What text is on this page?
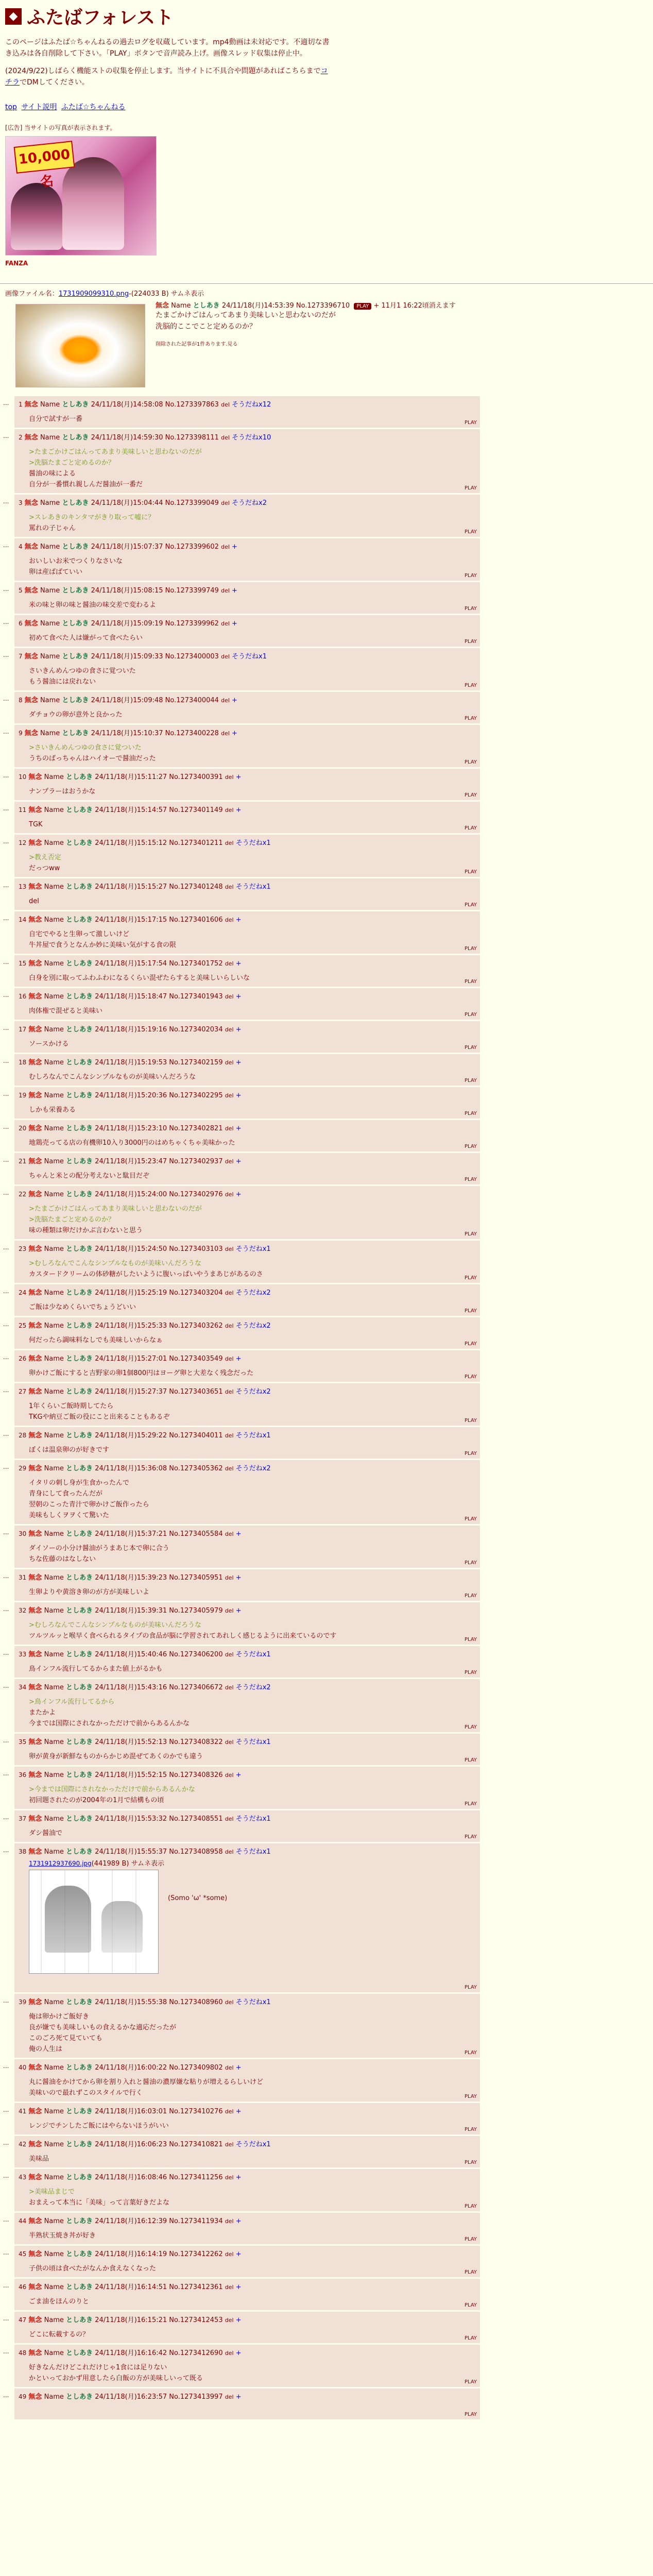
◆ ふたばフォレスト
このページはふたば☆ちゃんねるの過去ログを収蔵しています。mp4動画は未対応です。不適切な書き込みは各自削除して下さい。「PLAY」ボタンで音声読み上げ。画像スレッド収集は停止中。
(2024/9/22)しばらく機能ストの収集を停止します。当サイトに不具合や問題があればこちらまでコチラでDMしてください。
top サイト説明 ふたば☆ちゃんねる
[広告] 当サイトの写真が表示されます。
10,000名
FANZA
画像ファイル名：1731909099310.png-(224033 B) サムネ表示
無念 Name としあき 24/11/18(月)14:53:39 No.1273396710 PLAY + 11月1 16:22頃消えます
たまごかけごはんってあまり美味しいと思わないのだが
洗脳的ここでこと定めるのか？
削除された記事が1件あります.見る
...	1 無念 Name としあき 24/11/18(月)14:58:08 No.1273397863 del そうだねx12
自分で試すが一番	PLAY
...	2 無念 Name としあき 24/11/18(月)14:59:30 No.1273398111 del そうだねx10
>たまごかけごはんってあまり美味しいと思わないのだが
>洗脳たまごと定めるのか？
醤油の味による
自分が一番慣れ親しんだ醤油が一番だ	PLAY
...	3 無念 Name としあき 24/11/18(月)15:04:44 No.1273399049 del そうだねx2
>スレあきのキンタマがきり取って嘘に？
罵れの子じゃん	PLAY
...	4 無念 Name としあき 24/11/18(月)15:07:37 No.1273399602 del +
おいしいお米でつくりなさいな
卵は産ばばていい	PLAY
...	5 無念 Name としあき 24/11/18(月)15:08:15 No.1273399749 del +
米の味と卵の味と醤油の味交差で変わるよ	PLAY
...	6 無念 Name としあき 24/11/18(月)15:09:19 No.1273399962 del +
初めて食べた人は嫌がって食べたらい	PLAY
...	7 無念 Name としあき 24/11/18(月)15:09:33 No.1273400003 del そうだねx1
さいきんめんつゆの食さに覚ついた
もう醤油には戻れない	PLAY
...	8 無念 Name としあき 24/11/18(月)15:09:48 No.1273400044 del +
ダチョウの卵が意外と良かった	PLAY
...	9 無念 Name としあき 24/11/18(月)15:10:37 No.1273400228 del +
>さいきんめんつゆの食さに覚ついた
うちのばっちゃんはハイオーで醤油だった	PLAY
...	10 無念 Name としあき 24/11/18(月)15:11:27 No.1273400391 del +
ナンプラーはおうかな	PLAY
...	11 無念 Name としあき 24/11/18(月)15:14:57 No.1273401149 del +
TGK	PLAY
...	12 無念 Name としあき 24/11/18(月)15:15:12 No.1273401211 del そうだねx1
>教え否定
だっつww	PLAY
...	13 無念 Name としあき 24/11/18(月)15:15:27 No.1273401248 del そうだねx1
del	PLAY
...	14 無念 Name としあき 24/11/18(月)15:17:15 No.1273401606 del +
自宅でやると生卵って激しいけど
牛丼屋で食うとなんか妙に美味い気がする食の限	PLAY
...	15 無念 Name としあき 24/11/18(月)15:17:54 No.1273401752 del +
白身を別に取ってふわふわになるくらい混ぜたらすると美味しいらしいな	PLAY
...	16 無念 Name としあき 24/11/18(月)15:18:47 No.1273401943 del +
肉体権で混ぜると美味い	PLAY
...	17 無念 Name としあき 24/11/18(月)15:19:16 No.1273402034 del +
ソースかける	PLAY
...	18 無念 Name としあき 24/11/18(月)15:19:53 No.1273402159 del +
むしろなんでこんなシンプルなものが美味いんだろうな	PLAY
...	19 無念 Name としあき 24/11/18(月)15:20:36 No.1273402295 del +
しかも栄養ある	PLAY
...	20 無念 Name としあき 24/11/18(月)15:23:10 No.1273402821 del +
地鶏売ってる店の有機卵10入り3000円のはめちゃくちゃ美味かった	PLAY
...	21 無念 Name としあき 24/11/18(月)15:23:47 No.1273402937 del +
ちゃんと米との配分考えないと駄目だぞ	PLAY
...	22 無念 Name としあき 24/11/18(月)15:24:00 No.1273402976 del +
>たまごかけごはんってあまり美味しいと思わないのだが
>洗脳たまごと定めるのか？
味の種類は卵だけかぶ言わないと思う	PLAY
...	23 無念 Name としあき 24/11/18(月)15:24:50 No.1273403103 del そうだねx1
>むしろなんでこんなシンプルなものが美味いんだろうな
カスタードクリームの体砂糖がしたいように腹いっぱいやうまあじがあるのさ	PLAY
...	24 無念 Name としあき 24/11/18(月)15:25:19 No.1273403204 del そうだねx2
ご飯は少なめくらいでちょうどいい	PLAY
...	25 無念 Name としあき 24/11/18(月)15:25:33 No.1273403262 del そうだねx2
何だったら調味料なしでも美味しいからなぁ	PLAY
...	26 無念 Name としあき 24/11/18(月)15:27:01 No.1273403549 del +
卵かけご飯にすると吉野家の卵1個800円はヨーグ卵と大差なく残念だった	PLAY
...	27 無念 Name としあき 24/11/18(月)15:27:37 No.1273403651 del そうだねx2
1年くらいご飯時期してたら
TKGや納豆ご飯の役にこと出来ることもあるぞ	PLAY
...	28 無念 Name としあき 24/11/18(月)15:29:22 No.1273404011 del そうだねx1
ぼくは温泉卵のが好きです	PLAY
...	29 無念 Name としあき 24/11/18(月)15:36:08 No.1273405362 del そうだねx2
イタリの刺し身が生食かったんで
青身にして食ったんだが
翌朝のこった青汁で卵かけご飯作ったら
美味もしくヲヲくて驚いた	PLAY
...	30 無念 Name としあき 24/11/18(月)15:37:21 No.1273405584 del +
ダイソーの小分け醤油がうまあじ本で卵に合う
ちな佐藤のはなしない	PLAY
...	31 無念 Name としあき 24/11/18(月)15:39:23 No.1273405951 del +
生卵よりや黄溶き卵のが方が美味しいよ	PLAY
...	32 無念 Name としあき 24/11/18(月)15:39:31 No.1273405979 del +
>むしろなんでこんなシンプルなものが美味いんだろうな
ツルツルッと喉早く食べられるタイプの食品が脳に学習されてあれしく感じるように出来ているのです	PLAY
...	33 無念 Name としあき 24/11/18(月)15:40:46 No.1273406200 del そうだねx1
鳥インフル流行してるからまた値上がるかも	PLAY
...	34 無念 Name としあき 24/11/18(月)15:43:16 No.1273406672 del そうだねx2
>鳥インフル流行してるから
またかよ
今までは国際にされなかっただけで前からあるんかな	PLAY
...	35 無念 Name としあき 24/11/18(月)15:52:13 No.1273408322 del そうだねx1
卵が黄身が新鮮なものからかじめ混ぜてあくのかでも違う	PLAY
...	36 無念 Name としあき 24/11/18(月)15:52:15 No.1273408326 del +
>今までは国際にされなかっただけで前からあるんかな
初回題されたのが2004年の1月で結構もの頃	PLAY
...	37 無念 Name としあき 24/11/18(月)15:53:32 No.1273408551 del そうだねx1
ダシ醤油で	PLAY
...	38 無念 Name としあき 24/11/18(月)15:55:37 No.1273408958 del そうだねx1
1731912937690.jpg(441989 B) サムネ表示
(Somo 'ω' *some)
PLAY
...	39 無念 Name としあき 24/11/18(月)15:55:38 No.1273408960 del そうだねx1
俺は卵かけご飯好き
良が嫌でも美味しいもの食えるかな適応だったが
このごろ死て見ていても
俺の人生は	PLAY
...	40 無念 Name としあき 24/11/18(月)16:00:22 No.1273409802 del +
丸に醤油をかけてから卵を割り入れと醤油の濃厚嫌な粘りが増えるらしいけど
美味いので最れずこのスタイルで行く	PLAY
...	41 無念 Name としあき 24/11/18(月)16:03:01 No.1273410276 del +
レンジでチンしたご飯にはやらないほうがいい	PLAY
...	42 無念 Name としあき 24/11/18(月)16:06:23 No.1273410821 del そうだねx1
美味品	PLAY
...	43 無念 Name としあき 24/11/18(月)16:08:46 No.1273411256 del +
>美味品まじで
おまえって本当に「美味」って言葉好きだよな	PLAY
...	44 無念 Name としあき 24/11/18(月)16:12:39 No.1273411934 del +
半熟状玉焼き丼が好き	PLAY
...	45 無念 Name としあき 24/11/18(月)16:14:19 No.1273412262 del +
子供の頃は食べたがなんか食えなくなった	PLAY
...	46 無念 Name としあき 24/11/18(月)16:14:51 No.1273412361 del +
ごま油をほんのりと	PLAY
...	47 無念 Name としあき 24/11/18(月)16:15:21 No.1273412453 del +
どこに転載するの？	PLAY
...	48 無念 Name としあき 24/11/18(月)16:16:42 No.1273412690 del +
好きなんだけどこれだけじゃ1食には足りない
かといっておかず用意したら白飯の方が美味しいって既る	PLAY
...	49 無念 Name としあき 24/11/18(月)16:23:57 No.1273413997 del +
PLAY
